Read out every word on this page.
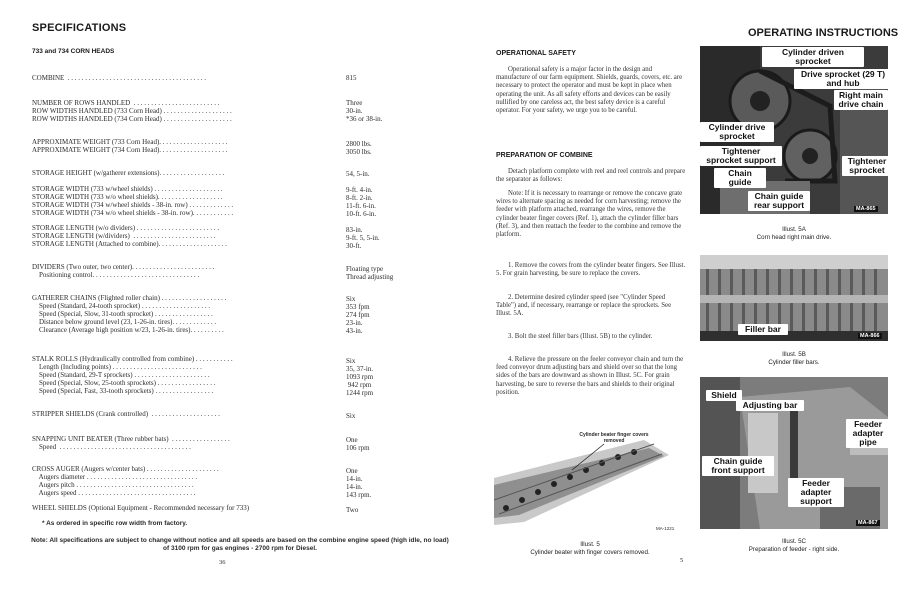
SPECIFICATIONS
733 and 734 CORN HEADS
COMBINE  . . . . . . . . . . . . . . . . . . . . . . . . . . . . . . . . . . . . . . . .	815
NUMBER OF ROWS HANDLED  . . . . . . . . . . . . . . . . . . . . . . . . .	Three
ROW WIDTHS HANDLED (733 Corn Head) . . . . . . . . . . . . . . . . . . . .	30-in.
ROW WIDTHS HANDLED (734 Corn Head) . . . . . . . . . . . . . . . . . . . .	*36 or 38-in.
APPROXIMATE WEIGHT (733 Corn Head). . . . . . . . . . . . . . . . . . . .	2800 lbs.
APPROXIMATE WEIGHT (734 Corn Head). . . . . . . . . . . . . . . . . . . .	3050 lbs.
STORAGE HEIGHT (w/gatherer extensions). . . . . . . . . . . . . . . . . . .	54, 5-in.
STORAGE WIDTH (733 w/wheel shields) . . . . . . . . . . . . . . . . . . . .	9-ft. 4-in.
STORAGE WIDTH (733 w/o wheel shields). . . . . . . . . . . . . . . . . . .	8-ft. 2-in.
STORAGE WIDTH (734 w/wheel shields - 38-in. row) . . . . . . . . . . . . .	11-ft. 6-in.
STORAGE WIDTH (734 w/o wheel shields - 38-in. row). . . . . . . . . . . .	10-ft. 6-in.
STORAGE LENGTH (w/o dividers) . . . . . . . . . . . . . . . . . . . . . . . .	83-in.
STORAGE LENGTH (w/dividers)  . . . . . . . . . . . . . . . . . . . . . . . .	9-ft. 5, 5-in.
STORAGE LENGTH (Attached to combine). . . . . . . . . . . . . . . . . . . .	30-ft.
DIVIDERS (Two outer, two center). . . . . . . . . . . . . . . . . . . . . . . .	Floating type
Positioning control. . . . . . . . . . . . . . . . . . . . . . . . . . . . . . .	Thread adjusting
GATHERER CHAINS (Flighted roller chain) . . . . . . . . . . . . . . . . . . .	Six
Speed (Standard, 24-tooth sprocket) . . . . . . . . . . . . . . . . . . . .	353 fpm
Speed (Special, Slow, 31-tooth sprocket) . . . . . . . . . . . . . . . . .	274 fpm
Distance below ground level (23, 1-26-in. tires). . . . . . . . . . . . .	23-in.
Clearance (Average high position w/23, 1-26-in. tires). . . . . . . . . .	43-in.
STALK ROLLS (Hydraulically controlled from combine) . . . . . . . . . . .	Six
Length (Including points) . . . . . . . . . . . . . . . . . . . . . . . . . .	35, 37-in.
Speed (Standard, 29-T sprockets) . . . . . . . . . . . . . . . . . . . . . .	1093 rpm
Speed (Special, Slow, 25-tooth sprockets) . . . . . . . . . . . . . . . . .	942 rpm
Speed (Special, Fast, 33-tooth sprockets) . . . . . . . . . . . . . . . . .	1244 rpm
STRIPPER SHIELDS (Crank controlled)  . . . . . . . . . . . . . . . . . . . .	Six
SNAPPING UNIT BEATER (Three rubber bats)  . . . . . . . . . . . . . . . . .	One
Speed  . . . . . . . . . . . . . . . . . . . . . . . . . . . . . . . . . . . . . .	106 rpm
CROSS AUGER (Augers w/center bats) . . . . . . . . . . . . . . . . . . . . .	One
Augers diameter . . . . . . . . . . . . . . . . . . . . . . . . . . . . . . . .	14-in.
Augers pitch . . . . . . . . . . . . . . . . . . . . . . . . . . . . . . . . . .	14-in.
Augers speed . . . . . . . . . . . . . . . . . . . . . . . . . . . . . . . . . .	143 rpm.
WHEEL SHIELDS (Optional Equipment - Recommended necessary for 733)	Two
* As ordered in specific row width from factory.
Note: All specifications are subject to change without notice and all speeds are based on the combine engine speed (high idle, no load) of 3100 rpm for gas engines - 2700 rpm for Diesel.
36
OPERATING INSTRUCTIONS
OPERATIONAL SAFETY
Operational safety is a major factor in the design and manufacture of our farm equipment. Shields, guards, covers, etc. are necessary to protect the operator and must be kept in place when operating the unit. As all safety efforts and devices can be easily nullified by one careless act, the best safety device is a careful operator. For your safety, we urge you to be careful.
PREPARATION OF COMBINE
Detach platform complete with reel and reel controls and prepare the separator as follows:
Note: If it is necessary to rearrange or remove the concave grate wires to alternate spacing as needed for corn harvesting; remove the feeder with platform attached, rearrange the wires, remove the cylinder beater finger covers (Ref. 1), attach the cylinder filler bars (Ref. 3), and then reattach the feeder to the combine and remove the platform.
1. Remove the covers from the cylinder beater fingers. See Illust. 5. For grain harvesting, be sure to replace the covers.
2. Determine desired cylinder speed (see "Cylinder Speed Table") and, if necessary, rearrange or replace the sprockets. See Illust. 5A.
3. Bolt the steel filler bars (Illust. 5B) to the cylinder.
4. Relieve the pressure on the feeler conveyor chain and turn the feed conveyor drum adjusting bars and shield over so that the long sides of the bars are downward as shown in Illust. 5C. For grain harvesting, be sure to reverse the bars and shields to their original position.
Cylinder beater finger covers removed
MA-1221
Illust. 5
Cylinder beater with finger covers removed.
5
Cylinder driven sprocket
Drive sprocket (29 T) and hub
Right main drive chain
Cylinder drive sprocket
Tightener sprocket support
Chain guide
Tightener sprocket
Chain guide rear support	MA-865
Illust. 5A
Corn head right main drive.
Filler bar
MA-866
Illust. 5B
Cylinder filler bars.
Shield
Adjusting bar
Feeder adapter pipe
Chain guide front support
Feeder adapter support
MA-867
Illust. 5C
Preparation of feeder - right side.
